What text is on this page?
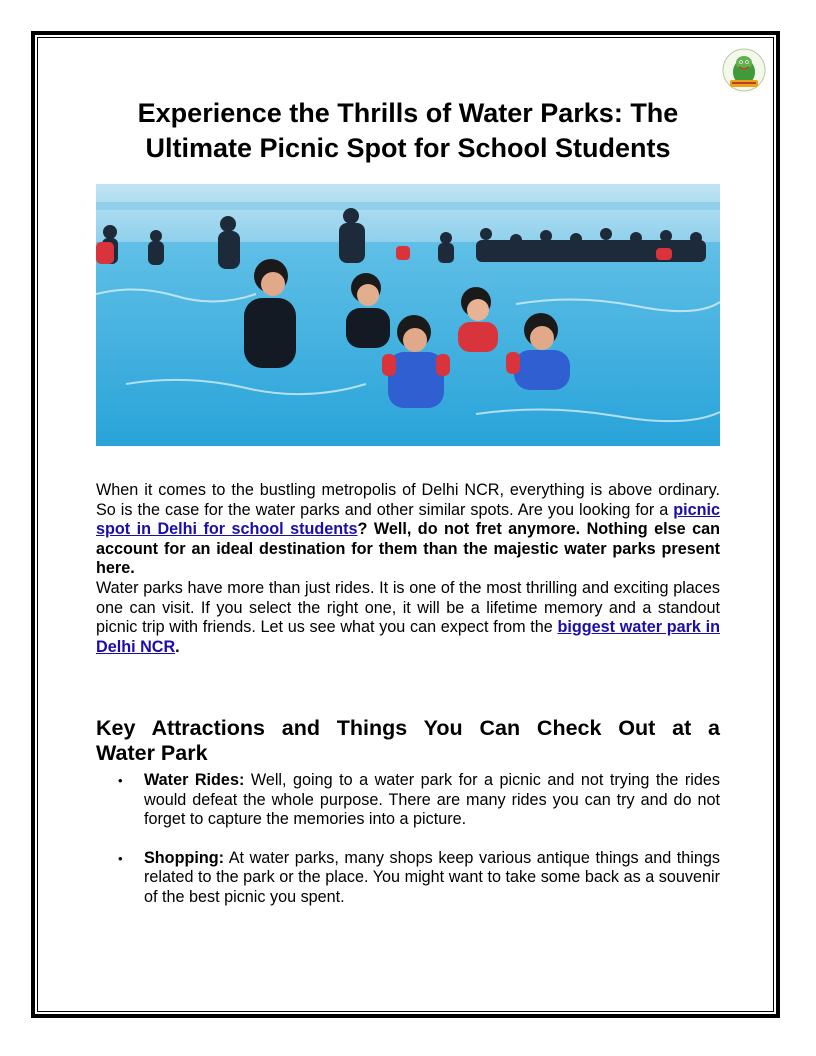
Experience the Thrills of Water Parks: The Ultimate Picnic Spot for School Students

When it comes to the bustling metropolis of Delhi NCR, everything is above ordinary. So is the case for the water parks and other similar spots. Are you looking for a picnic spot in Delhi for school students? Well, do not fret anymore. Nothing else can account for an ideal destination for them than the majestic water parks present here.

Water parks have more than just rides. It is one of the most thrilling and exciting places one can visit. If you select the right one, it will be a lifetime memory and a standout picnic trip with friends. Let us see what you can expect from the biggest water park in Delhi NCR.

Key Attractions and Things You Can Check Out at a
Water Park
• Water Rides: Well, going to a water park for a picnic and not trying the rides would defeat the whole purpose. There are many rides you can try and do not forget to capture the memories into a picture.
• Shopping: At water parks, many shops keep various antique things and things related to the park or the place. You might want to take some back as a souvenir of the best picnic you spent.
